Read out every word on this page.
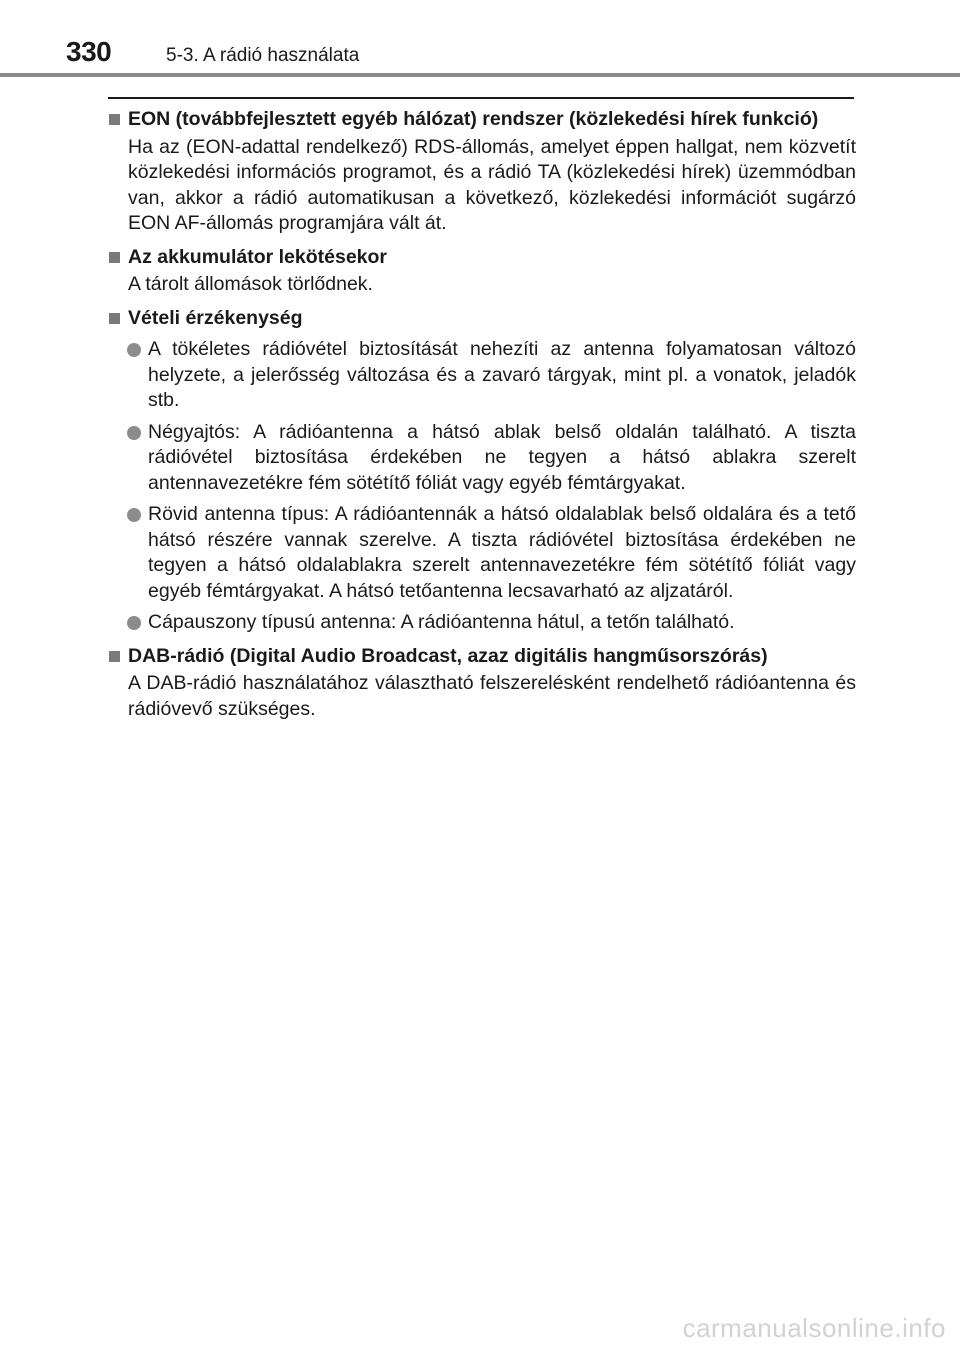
330	5-3. A rádió használata
EON (továbbfejlesztett egyéb hálózat) rendszer (közlekedési hírek funkció)
Ha az (EON-adattal rendelkező) RDS-állomás, amelyet éppen hallgat, nem közvetít közlekedési információs programot, és a rádió TA (közlekedési hírek) üzemmódban van, akkor a rádió automatikusan a következő, közlekedési információt sugárzó EON AF-állomás programjára vált át.
Az akkumulátor lekötésekor
A tárolt állomások törlődnek.
Vételi érzékenység
A tökéletes rádióvétel biztosítását nehezíti az antenna folyamatosan változó helyzete, a jelerősség változása és a zavaró tárgyak, mint pl. a vonatok, jeladók stb.
Négyajtós: A rádióantenna a hátsó ablak belső oldalán található. A tiszta rádióvétel biztosítása érdekében ne tegyen a hátsó ablakra szerelt antennavezetékre fém sötétítő fóliát vagy egyéb fémtárgyakat.
Rövid antenna típus: A rádióantennák a hátsó oldalablak belső oldalára és a tető hátsó részére vannak szerelve. A tiszta rádióvétel biztosítása érdekében ne tegyen a hátsó oldalablakra szerelt antennavezetékre fém sötétítő fóliát vagy egyéb fémtárgyakat. A hátsó tetőantenna lecsavarható az aljzatáról.
Cápauszony típusú antenna: A rádióantenna hátul, a tetőn található.
DAB-rádió (Digital Audio Broadcast, azaz digitális hangműsorszórás)
A DAB-rádió használatához választható felszerelésként rendelhető rádióantenna és rádióvevő szükséges.
carmanualsonline.info
